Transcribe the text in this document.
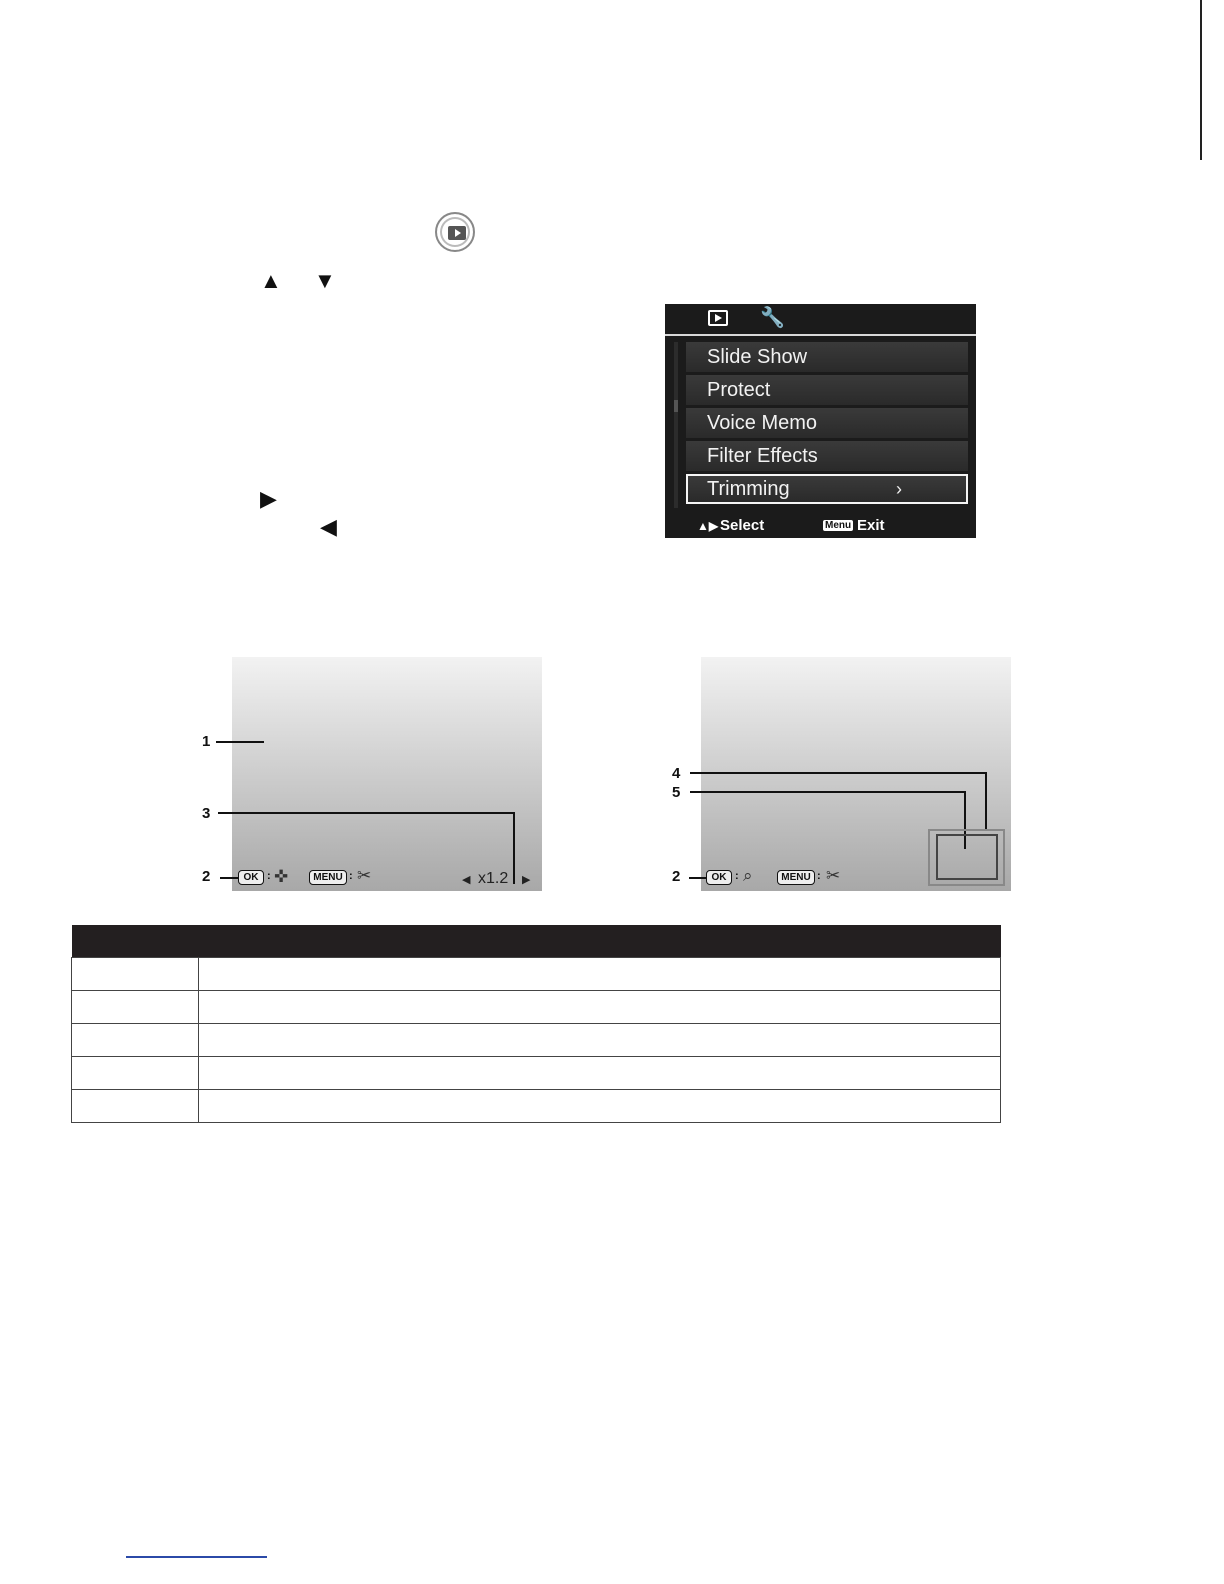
▲ ▼
▶
◀
🔧
Slide Show
Protect
Voice Memo
Filter Effects
Trimming	›
▲▶ Select	Menu Exit
1
3
2	OK : ✜	MENU : ✂	◀ x1.2 ▶
4
5
2	OK : ⌕	MENU : ✂
